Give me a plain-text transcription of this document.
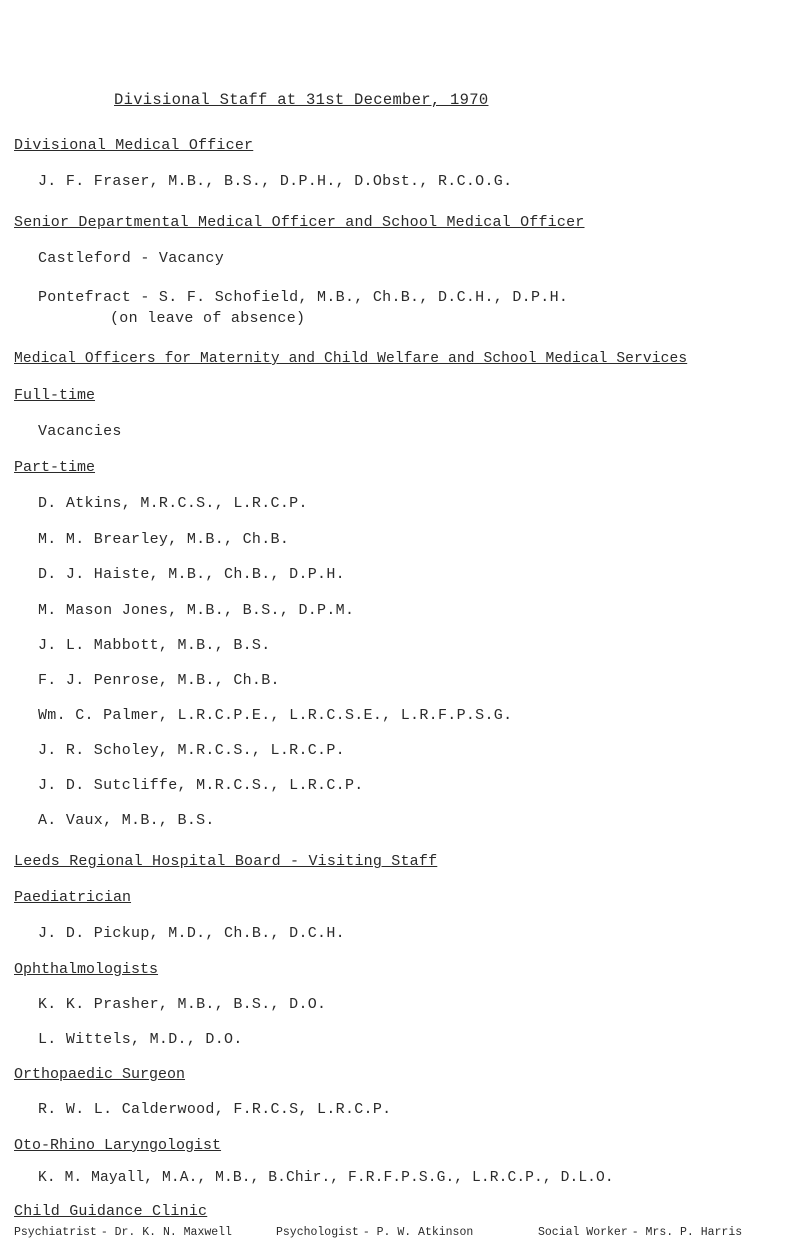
Divisional Staff at 31st December, 1970
Divisional Medical Officer
J. F. Fraser, M.B., B.S., D.P.H., D.Obst., R.C.O.G.
Senior Departmental Medical Officer and School Medical Officer
Castleford - Vacancy
Pontefract - S. F. Schofield, M.B., Ch.B., D.C.H., D.P.H.
(on leave of absence)
Medical Officers for Maternity and Child Welfare and School Medical Services
Full-time
Vacancies
Part-time
D. Atkins, M.R.C.S., L.R.C.P.
M. M. Brearley, M.B., Ch.B.
D. J. Haiste, M.B., Ch.B., D.P.H.
M. Mason Jones, M.B., B.S., D.P.M.
J. L. Mabbott, M.B., B.S.
F. J. Penrose, M.B., Ch.B.
Wm. C. Palmer, L.R.C.P.E., L.R.C.S.E., L.R.F.P.S.G.
J. R. Scholey, M.R.C.S., L.R.C.P.
J. D. Sutcliffe, M.R.C.S., L.R.C.P.
A. Vaux, M.B., B.S.
Leeds Regional Hospital Board - Visiting Staff
Paediatrician
J. D. Pickup, M.D., Ch.B., D.C.H.
Ophthalmologists
K. K. Prasher, M.B., B.S., D.O.
L. Wittels, M.D., D.O.
Orthopaedic Surgeon
R. W. L. Calderwood, F.R.C.S, L.R.C.P.
Oto-Rhino Laryngologist
K. M. Mayall, M.A., M.B., B.Chir., F.R.F.P.S.G., L.R.C.P., D.L.O.
Child Guidance Clinic
Psychiatrist - Dr. K. N. Maxwell	Psychologist - P. W. Atkinson	Social Worker - Mrs. P. Harris
